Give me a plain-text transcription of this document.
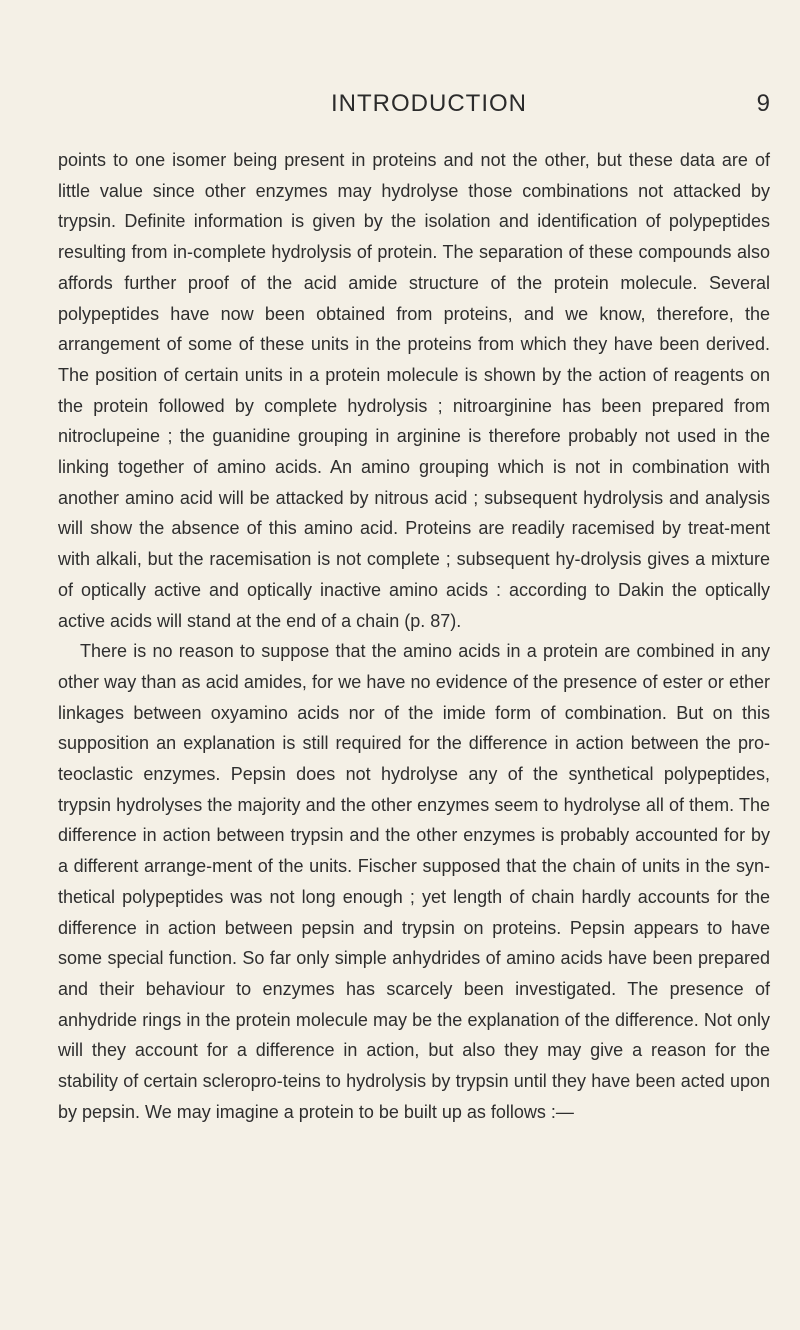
INTRODUCTION	9

points to one isomer being present in proteins and not the other, but these data are of little value since other enzymes may hydrolyse those combinations not attacked by trypsin. Definite information is given by the isolation and identification of polypeptides resulting from in-complete hydrolysis of protein. The separation of these compounds also affords further proof of the acid amide structure of the protein molecule. Several polypeptides have now been obtained from proteins, and we know, therefore, the arrangement of some of these units in the proteins from which they have been derived. The position of certain units in a protein molecule is shown by the action of reagents on the protein followed by complete hydrolysis ; nitroarginine has been prepared from nitroclupeine ; the guanidine grouping in arginine is therefore probably not used in the linking together of amino acids. An amino grouping which is not in combination with another amino acid will be attacked by nitrous acid ; subsequent hydrolysis and analysis will show the absence of this amino acid. Proteins are readily racemised by treat-ment with alkali, but the racemisation is not complete ; subsequent hy-drolysis gives a mixture of optically active and optically inactive amino acids : according to Dakin the optically active acids will stand at the end of a chain (p. 87).

There is no reason to suppose that the amino acids in a protein are combined in any other way than as acid amides, for we have no evidence of the presence of ester or ether linkages between oxyamino acids nor of the imide form of combination. But on this supposition an explanation is still required for the difference in action between the pro-teoclastic enzymes. Pepsin does not hydrolyse any of the synthetical polypeptides, trypsin hydrolyses the majority and the other enzymes seem to hydrolyse all of them. The difference in action between trypsin and the other enzymes is probably accounted for by a different arrange-ment of the units. Fischer supposed that the chain of units in the syn-thetical polypeptides was not long enough ; yet length of chain hardly accounts for the difference in action between pepsin and trypsin on proteins. Pepsin appears to have some special function. So far only simple anhydrides of amino acids have been prepared and their behaviour to enzymes has scarcely been investigated. The presence of anhydride rings in the protein molecule may be the explanation of the difference. Not only will they account for a difference in action, but also they may give a reason for the stability of certain scleropro-teins to hydrolysis by trypsin until they have been acted upon by pepsin. We may imagine a protein to be built up as follows :—
